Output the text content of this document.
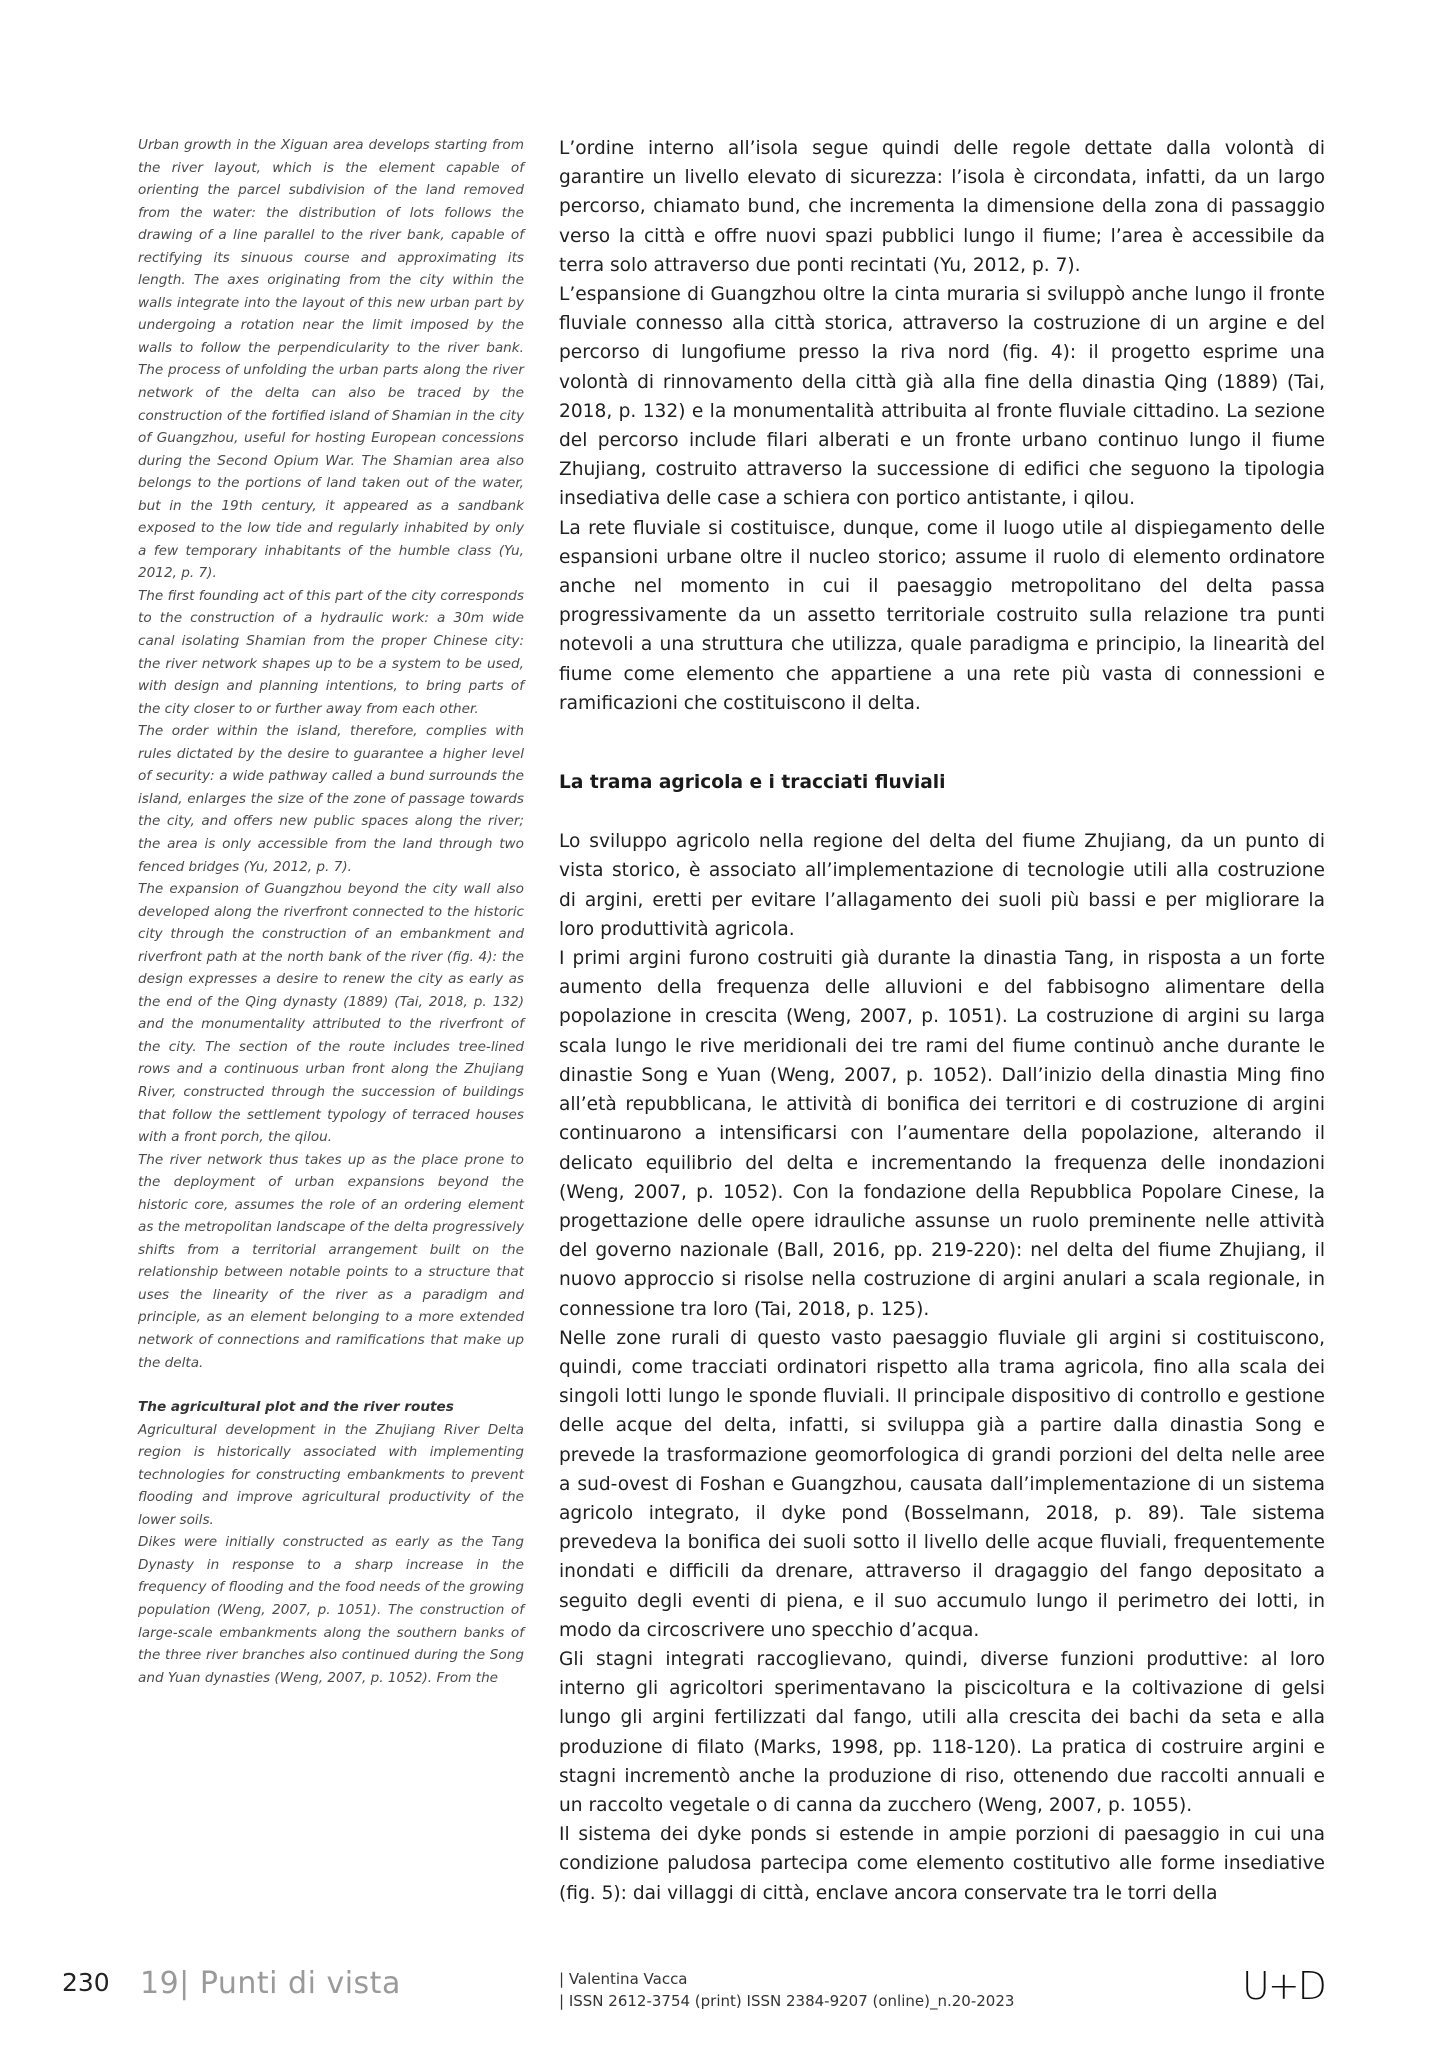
Urban growth in the Xiguan area develops starting from the river layout, which is the element capable of orienting the parcel subdivision of the land removed from the water: the distribution of lots follows the drawing of a line parallel to the river bank, capable of rectifying its sinuous course and approximating its length. The axes originating from the city within the walls integrate into the layout of this new urban part by undergoing a rotation near the limit imposed by the walls to follow the perpendicularity to the river bank. The process of unfolding the urban parts along the river network of the delta can also be traced by the construction of the fortified island of Shamian in the city of Guangzhou, useful for hosting European concessions during the Second Opium War. The Shamian area also belongs to the portions of land taken out of the water, but in the 19th century, it appeared as a sandbank exposed to the low tide and regularly inhabited by only a few temporary inhabitants of the humble class (Yu, 2012, p. 7).

The first founding act of this part of the city corresponds to the construction of a hydraulic work: a 30m wide canal isolating Shamian from the proper Chinese city: the river network shapes up to be a system to be used, with design and planning intentions, to bring parts of the city closer to or further away from each other.

The order within the island, therefore, complies with rules dictated by the desire to guarantee a higher level of security: a wide pathway called a bund surrounds the island, enlarges the size of the zone of passage towards the city, and offers new public spaces along the river; the area is only accessible from the land through two fenced bridges (Yu, 2012, p. 7).

The expansion of Guangzhou beyond the city wall also developed along the riverfront connected to the historic city through the construction of an embankment and riverfront path at the north bank of the river (fig. 4): the design expresses a desire to renew the city as early as the end of the Qing dynasty (1889) (Tai, 2018, p. 132) and the monumentality attributed to the riverfront of the city. The section of the route includes tree-lined rows and a continuous urban front along the Zhujiang River, constructed through the succession of buildings that follow the settlement typology of terraced houses with a front porch, the qilou.

The river network thus takes up as the place prone to the deployment of urban expansions beyond the historic core, assumes the role of an ordering element as the metropolitan landscape of the delta progressively shifts from a territorial arrangement built on the relationship between notable points to a structure that uses the linearity of the river as a paradigm and principle, as an element belonging to a more extended network of connections and ramifications that make up the delta.

The agricultural plot and the river routes

Agricultural development in the Zhujiang River Delta region is historically associated with implementing technologies for constructing embankments to prevent flooding and improve agricultural productivity of the lower soils.

Dikes were initially constructed as early as the Tang Dynasty in response to a sharp increase in the frequency of flooding and the food needs of the growing population (Weng, 2007, p. 1051). The construction of large-scale embankments along the southern banks of the three river branches also continued during the Song and Yuan dynasties (Weng, 2007, p. 1052). From the

L’ordine interno all’isola segue quindi delle regole dettate dalla volontà di garantire un livello elevato di sicurezza: l’isola è circondata, infatti, da un largo percorso, chiamato bund, che incrementa la dimensione della zona di passaggio verso la città e offre nuovi spazi pubblici lungo il fiume; l’area è accessibile da terra solo attraverso due ponti recintati (Yu, 2012, p. 7).

L’espansione di Guangzhou oltre la cinta muraria si sviluppò anche lungo il fronte fluviale connesso alla città storica, attraverso la costruzione di un argine e del percorso di lungofiume presso la riva nord (fig. 4): il progetto esprime una volontà di rinnovamento della città già alla fine della dinastia Qing (1889) (Tai, 2018, p. 132) e la monumentalità attribuita al fronte fluviale cittadino. La sezione del percorso include filari alberati e un fronte urbano continuo lungo il fiume Zhujiang, costruito attraverso la successione di edifici che seguono la tipologia insediativa delle case a schiera con portico antistante, i qilou.

La rete fluviale si costituisce, dunque, come il luogo utile al dispiegamento delle espansioni urbane oltre il nucleo storico; assume il ruolo di elemento ordinatore anche nel momento in cui il paesaggio metropolitano del delta passa progressivamente da un assetto territoriale costruito sulla relazione tra punti notevoli a una struttura che utilizza, quale paradigma e principio, la linearità del fiume come elemento che appartiene a una rete più vasta di connessioni e ramificazioni che costituiscono il delta.

La trama agricola e i tracciati fluviali

Lo sviluppo agricolo nella regione del delta del fiume Zhujiang, da un punto di vista storico, è associato all’implementazione di tecnologie utili alla costruzione di argini, eretti per evitare l’allagamento dei suoli più bassi e per migliorare la loro produttività agricola.

I primi argini furono costruiti già durante la dinastia Tang, in risposta a un forte aumento della frequenza delle alluvioni e del fabbisogno alimentare della popolazione in crescita (Weng, 2007, p. 1051). La costruzione di argini su larga scala lungo le rive meridionali dei tre rami del fiume continuò anche durante le dinastie Song e Yuan (Weng, 2007, p. 1052). Dall’inizio della dinastia Ming fino all’età repubblicana, le attività di bonifica dei territori e di costruzione di argini continuarono a intensificarsi con l’aumentare della popolazione, alterando il delicato equilibrio del delta e incrementando la frequenza delle inondazioni (Weng, 2007, p. 1052). Con la fondazione della Repubblica Popolare Cinese, la progettazione delle opere idrauliche assunse un ruolo preminente nelle attività del governo nazionale (Ball, 2016, pp. 219-220): nel delta del fiume Zhujiang, il nuovo approccio si risolse nella costruzione di argini anulari a scala regionale, in connessione tra loro (Tai, 2018, p. 125).

Nelle zone rurali di questo vasto paesaggio fluviale gli argini si costituiscono, quindi, come tracciati ordinatori rispetto alla trama agricola, fino alla scala dei singoli lotti lungo le sponde fluviali. Il principale dispositivo di controllo e gestione delle acque del delta, infatti, si sviluppa già a partire dalla dinastia Song e prevede la trasformazione geomorfologica di grandi porzioni del delta nelle aree a sud-ovest di Foshan e Guangzhou, causata dall’implementazione di un sistema agricolo integrato, il dyke pond (Bosselmann, 2018, p. 89). Tale sistema prevedeva la bonifica dei suoli sotto il livello delle acque fluviali, frequentemente inondati e difficili da drenare, attraverso il dragaggio del fango depositato a seguito degli eventi di piena, e il suo accumulo lungo il perimetro dei lotti, in modo da circoscrivere uno specchio d’acqua.

Gli stagni integrati raccoglievano, quindi, diverse funzioni produttive: al loro interno gli agricoltori sperimentavano la piscicoltura e la coltivazione di gelsi lungo gli argini fertilizzati dal fango, utili alla crescita dei bachi da seta e alla produzione di filato (Marks, 1998, pp. 118-120). La pratica di costruire argini e stagni incrementò anche la produzione di riso, ottenendo due raccolti annuali e un raccolto vegetale o di canna da zucchero (Weng, 2007, p. 1055).

Il sistema dei dyke ponds si estende in ampie porzioni di paesaggio in cui una condizione paludosa partecipa come elemento costitutivo alle forme insediative (fig. 5): dai villaggi di città, enclave ancora conservate tra le torri della

230 19| Punti di vista	| Valentina Vacca
| ISSN 2612-3754 (print) ISSN 2384-9207 (online)_n.20-2023	U+D
